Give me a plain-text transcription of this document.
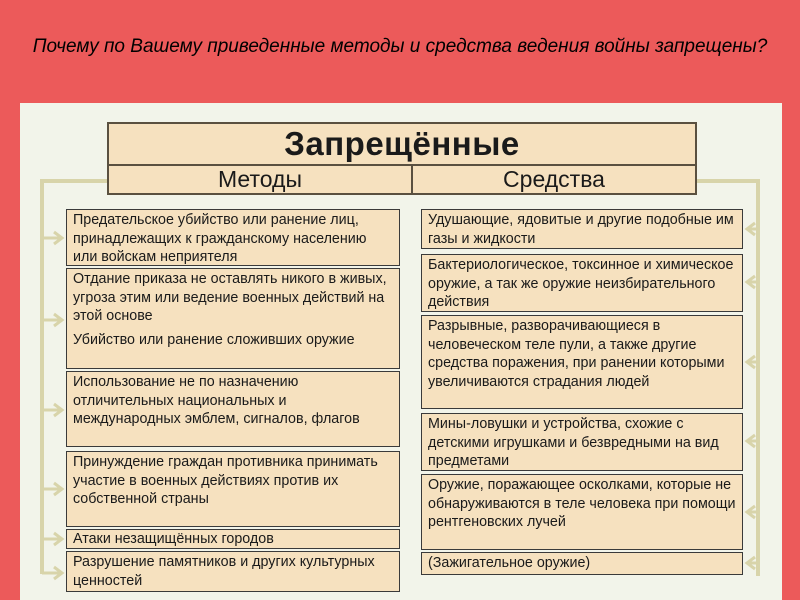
Почему по Вашему приведенные методы и средства ведения войны запрещены?
Запрещённые
Методы	Средства
Предательское убийство или ранение лиц, принадлежащих к гражданскому населению или войскам неприятеля
Отдание приказа не оставлять никого в живых, угроза этим или ведение военных действий на этой основе
Убийство или ранение сложивших оружие
Использование не по назначению отличительных национальных и международных эмблем, сигналов, флагов
Принуждение граждан противника принимать участие в военных действиях против их собственной страны
Атаки незащищённых городов
Разрушение памятников и других культурных ценностей
Удушающие, ядовитые и другие подобные им газы и жидкости
Бактериологическое, токсинное и химическое оружие, а так же оружие неизбирательного действия
Разрывные, разворачивающиеся в человеческом теле пули, а также другие средства поражения, при ранении которыми увеличиваются страдания людей
Мины-ловушки и устройства, схожие с детскими игрушками и безвредными на вид предметами
Оружие, поражающее осколками, которые не обнаруживаются в теле человека при помощи рентгеновских лучей
(Зажигательное оружие)
